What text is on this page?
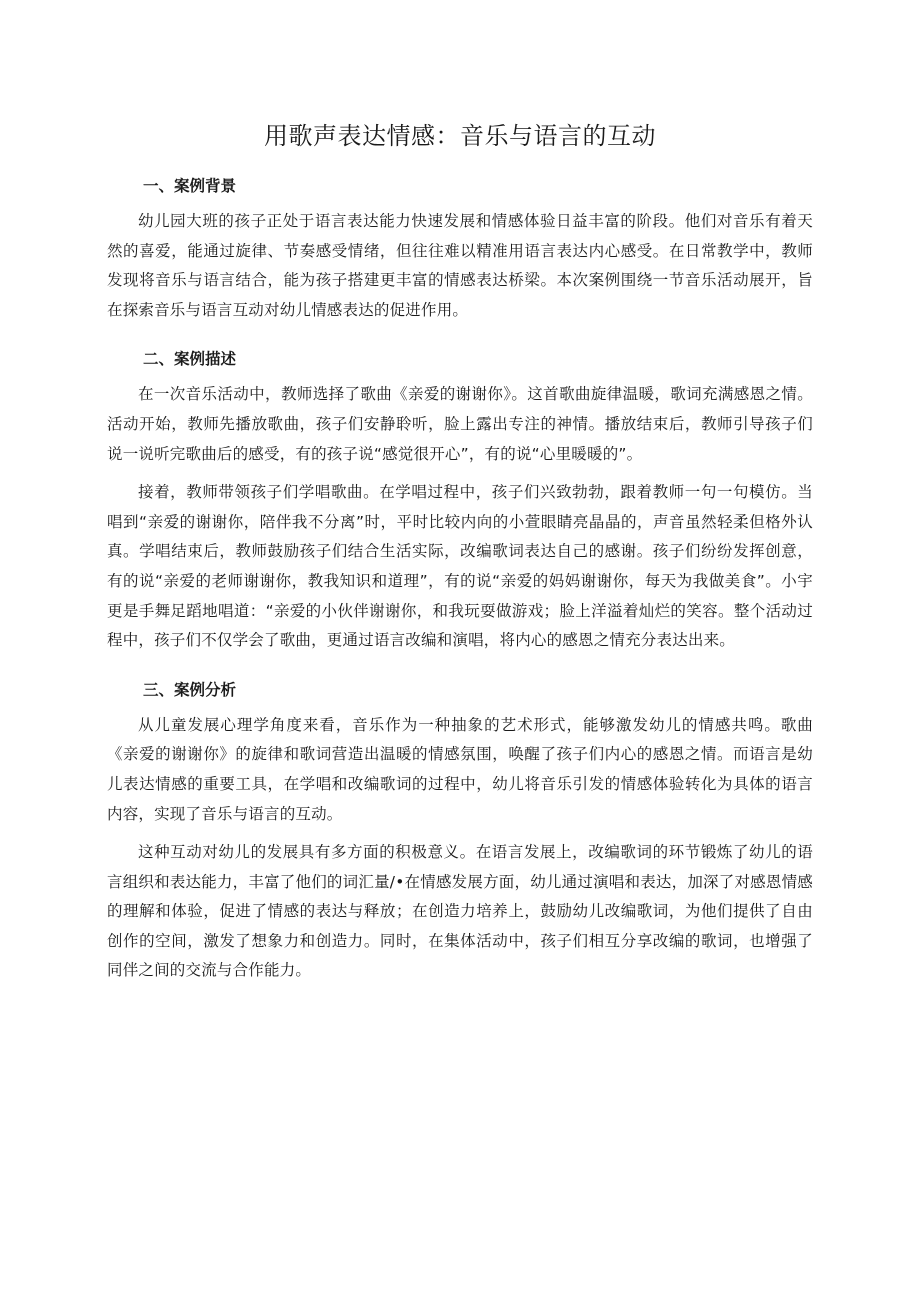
用歌声表达情感：音乐与语言的互动
一、案例背景

幼儿园大班的孩子正处于语言表达能力快速发展和情感体验日益丰富的阶段。他们对音乐有着天然的喜爱，能通过旋律、节奏感受情绪，但往往难以精准用语言表达内心感受。在日常教学中，教师发现将音乐与语言结合，能为孩子搭建更丰富的情感表达桥梁。本次案例围绕一节音乐活动展开，旨在探索音乐与语言互动对幼儿情感表达的促进作用。

二、案例描述

在一次音乐活动中，教师选择了歌曲《亲爱的谢谢你》。这首歌曲旋律温暖，歌词充满感恩之情。活动开始，教师先播放歌曲，孩子们安静聆听，脸上露出专注的神情。播放结束后，教师引导孩子们说一说听完歌曲后的感受，有的孩子说“感觉很开心”，有的说“心里暖暖的”。

接着，教师带领孩子们学唱歌曲。在学唱过程中，孩子们兴致勃勃，跟着教师一句一句模仿。当唱到“亲爱的谢谢你，陪伴我不分离”时，平时比较内向的小萱眼睛亮晶晶的，声音虽然轻柔但格外认真。学唱结束后，教师鼓励孩子们结合生活实际，改编歌词表达自己的感谢。孩子们纷纷发挥创意，有的说“亲爱的老师谢谢你，教我知识和道理”，有的说“亲爱的妈妈谢谢你，每天为我做美食”。小宇更是手舞足蹈地唱道：“亲爱的小伙伴谢谢你，和我玩耍做游戏；脸上洋溢着灿烂的笑容。整个活动过程中，孩子们不仅学会了歌曲，更通过语言改编和演唱，将内心的感恩之情充分表达出来。

三、案例分析

从儿童发展心理学角度来看，音乐作为一种抽象的艺术形式，能够激发幼儿的情感共鸣。歌曲《亲爱的谢谢你》的旋律和歌词营造出温暖的情感氛围，唤醒了孩子们内心的感恩之情。而语言是幼儿表达情感的重要工具，在学唱和改编歌词的过程中，幼儿将音乐引发的情感体验转化为具体的语言内容，实现了音乐与语言的互动。

这种互动对幼儿的发展具有多方面的积极意义。在语言发展上，改编歌词的环节锻炼了幼儿的语言组织和表达能力，丰富了他们的词汇量/•在情感发展方面，幼儿通过演唱和表达，加深了对感恩情感的理解和体验，促进了情感的表达与释放；在创造力培养上，鼓励幼儿改编歌词，为他们提供了自由创作的空间，激发了想象力和创造力。同时，在集体活动中，孩子们相互分享改编的歌词，也增强了同伴之间的交流与合作能力。
